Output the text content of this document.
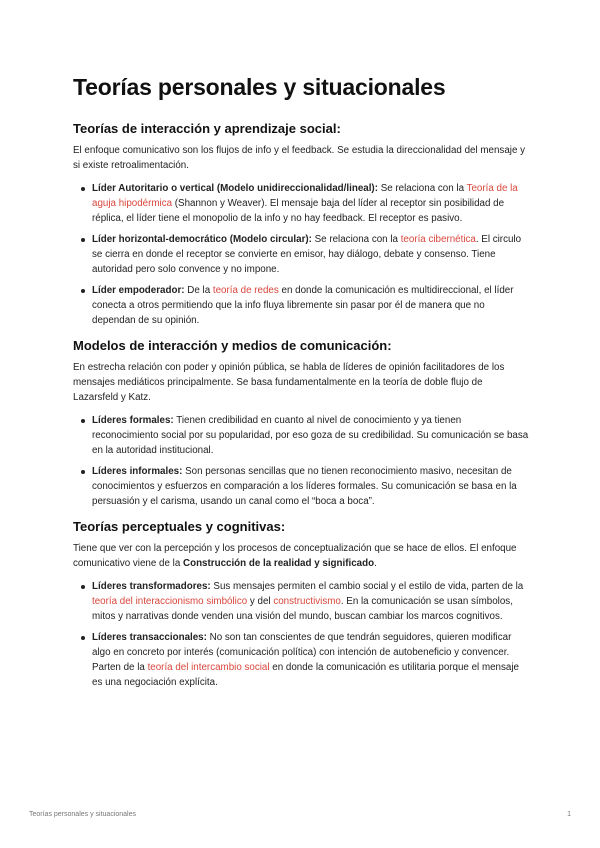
Teorías personales y situacionales
Teorías de interacción y aprendizaje social:

El enfoque comunicativo son los flujos de info y el feedback. Se estudia la direccionalidad del mensaje y si existe retroalimentación.

Líder Autoritario o vertical (Modelo unidireccionalidad/lineal): Se relaciona con la Teoría de la aguja hipodérmica (Shannon y Weaver). El mensaje baja del líder al receptor sin posibilidad de réplica, el líder tiene el monopolio de la info y no hay feedback. El receptor es pasivo.
Líder horizontal-democrático (Modelo circular): Se relaciona con la teoría cibernética. El circulo se cierra en donde el receptor se convierte en emisor, hay diálogo, debate y consenso. Tiene autoridad pero solo convence y no impone.
Líder empoderador: De la teoría de redes en donde la comunicación es multidireccional, el líder conecta a otros permitiendo que la info fluya libremente sin pasar por él de manera que no dependan de su opinión.
Modelos de interacción y medios de comunicación:

En estrecha relación con poder y opinión pública, se habla de líderes de opinión facilitadores de los mensajes mediáticos principalmente. Se basa fundamentalmente en la teoría de doble flujo de Lazarsfeld y Katz.

Líderes formales: Tienen credibilidad en cuanto al nivel de conocimiento y ya tienen reconocimiento social por su popularidad, por eso goza de su credibilidad. Su comunicación se basa en la autoridad institucional.
Líderes informales: Son personas sencillas que no tienen reconocimiento masivo, necesitan de conocimientos y esfuerzos en comparación a los líderes formales. Su comunicación se basa en la persuasión y el carisma, usando un canal como el “boca a boca”.
Teorías perceptuales y cognitivas:

Tiene que ver con la percepción y los procesos de conceptualización que se hace de ellos. El enfoque comunicativo viene de la Construcción de la realidad y significado.

Líderes transformadores: Sus mensajes permiten el cambio social y el estilo de vida, parten de la teoría del interaccionismo simbólico y del constructivismo. En la comunicación se usan símbolos, mitos y narrativas donde venden una visión del mundo, buscan cambiar los marcos cognitivos.
Líderes transaccionales: No son tan conscientes de que tendrán seguidores, quieren modificar algo en concreto por interés (comunicación política) con intención de autobeneficio y convencer. Parten de la teoría del intercambio social en donde la comunicación es utilitaria porque el mensaje es una negociación explícita.
Teorías personales y situacionales	1
